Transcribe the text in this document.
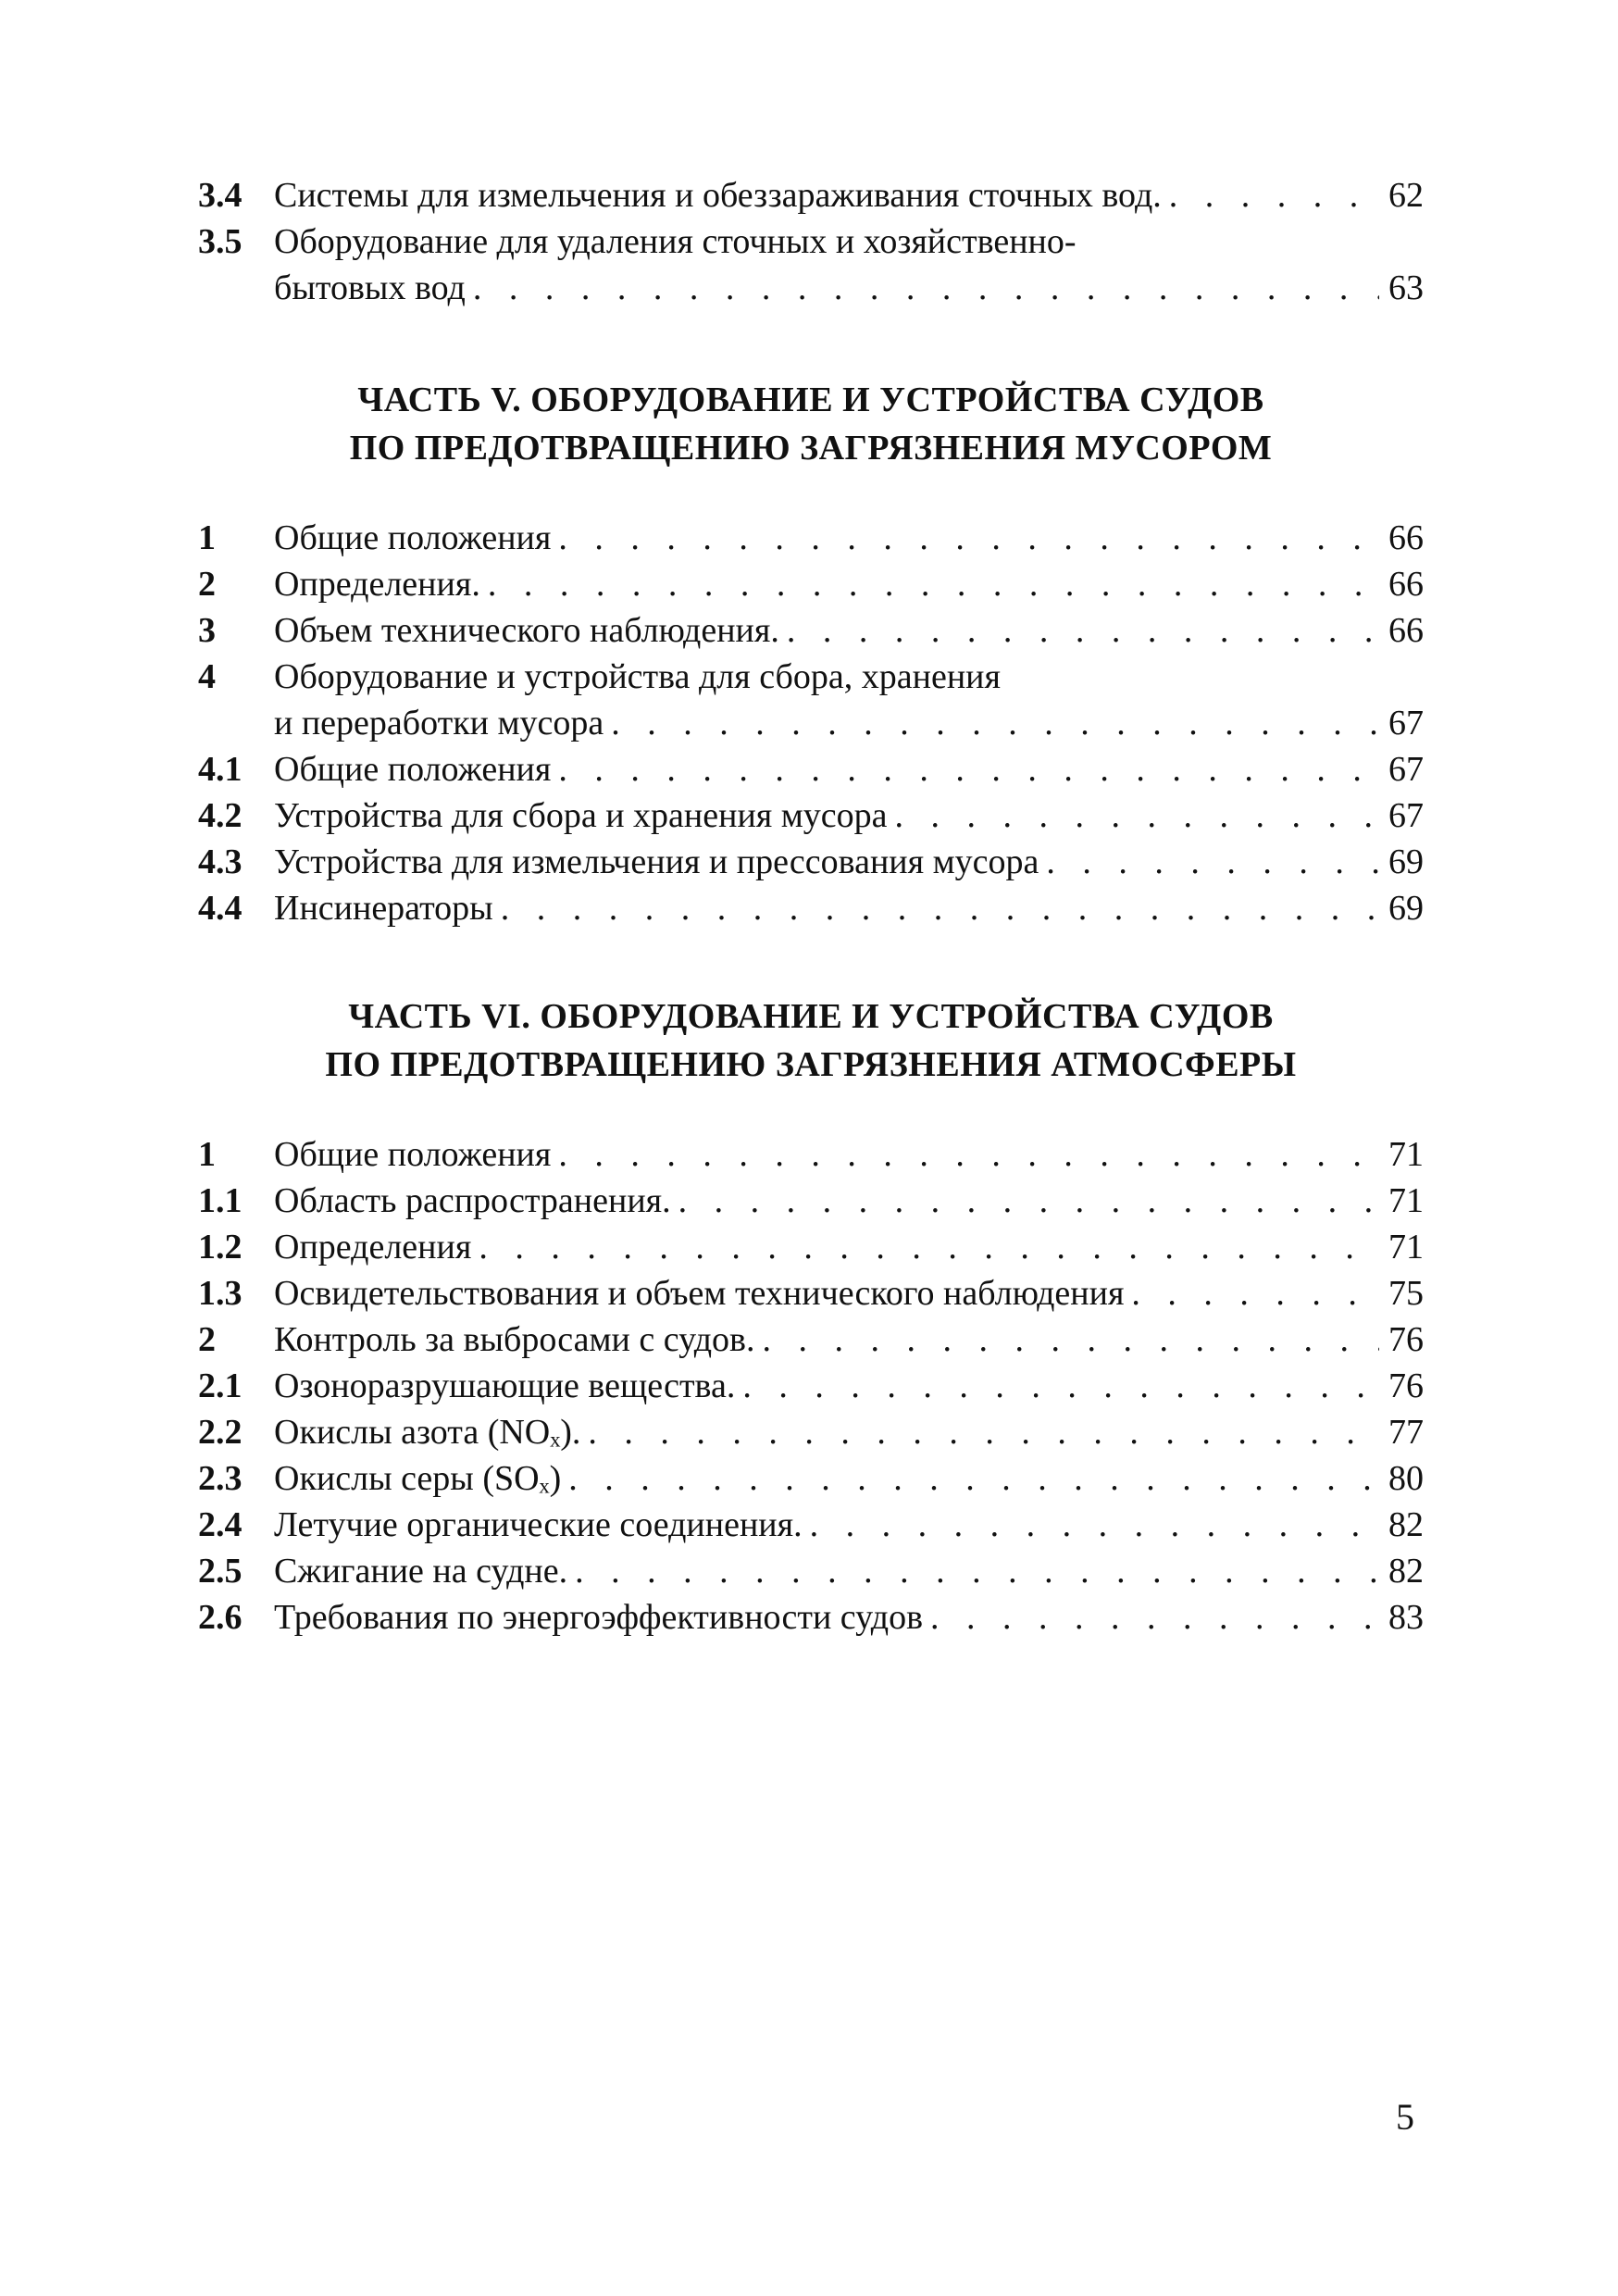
3.4 Системы для измельчения и обеззараживания сточных вод. . . .	62
3.5 Оборудование для удаления сточных и хозяйственно-
бытовых вод . . .	63
ЧАСТЬ V. ОБОРУДОВАНИЕ И УСТРОЙСТВА СУДОВ
ПО ПРЕДОТВРАЩЕНИЮ ЗАГРЯЗНЕНИЯ МУСОРОМ
1	Общие положения . . .	66
2	Определения. . . .	66
3	Объем технического наблюдения. . . .	66
4	Оборудование и устройства для сбора, хранения
и переработки мусора . . .	67
4.1 Общие положения . . .	67
4.2 Устройства для сбора и хранения мусора . . .	67
4.3 Устройства для измельчения и прессования мусора . . .	69
4.4 Инсинераторы . . .	69
ЧАСТЬ VI. ОБОРУДОВАНИЕ И УСТРОЙСТВА СУДОВ
ПО ПРЕДОТВРАЩЕНИЮ ЗАГРЯЗНЕНИЯ АТМОСФЕРЫ
1	Общие положения . . .	71
1.1 Область распространения. . . .	71
1.2 Определения . . .	71
1.3 Освидетельствования и объем технического наблюдения . . .	75
2	Контроль за выбросами с судов. . . .	76
2.1 Озоноразрушающие вещества. . . .	76
2.2 Окислы азота (NOₓ). . . .	77
2.3 Окислы серы (SOₓ) . . .	80
2.4 Летучие органические соединения. . . .	82
2.5 Сжигание на судне. . . .	82
2.6 Требования по энергоэффективности судов . . .	83
5
